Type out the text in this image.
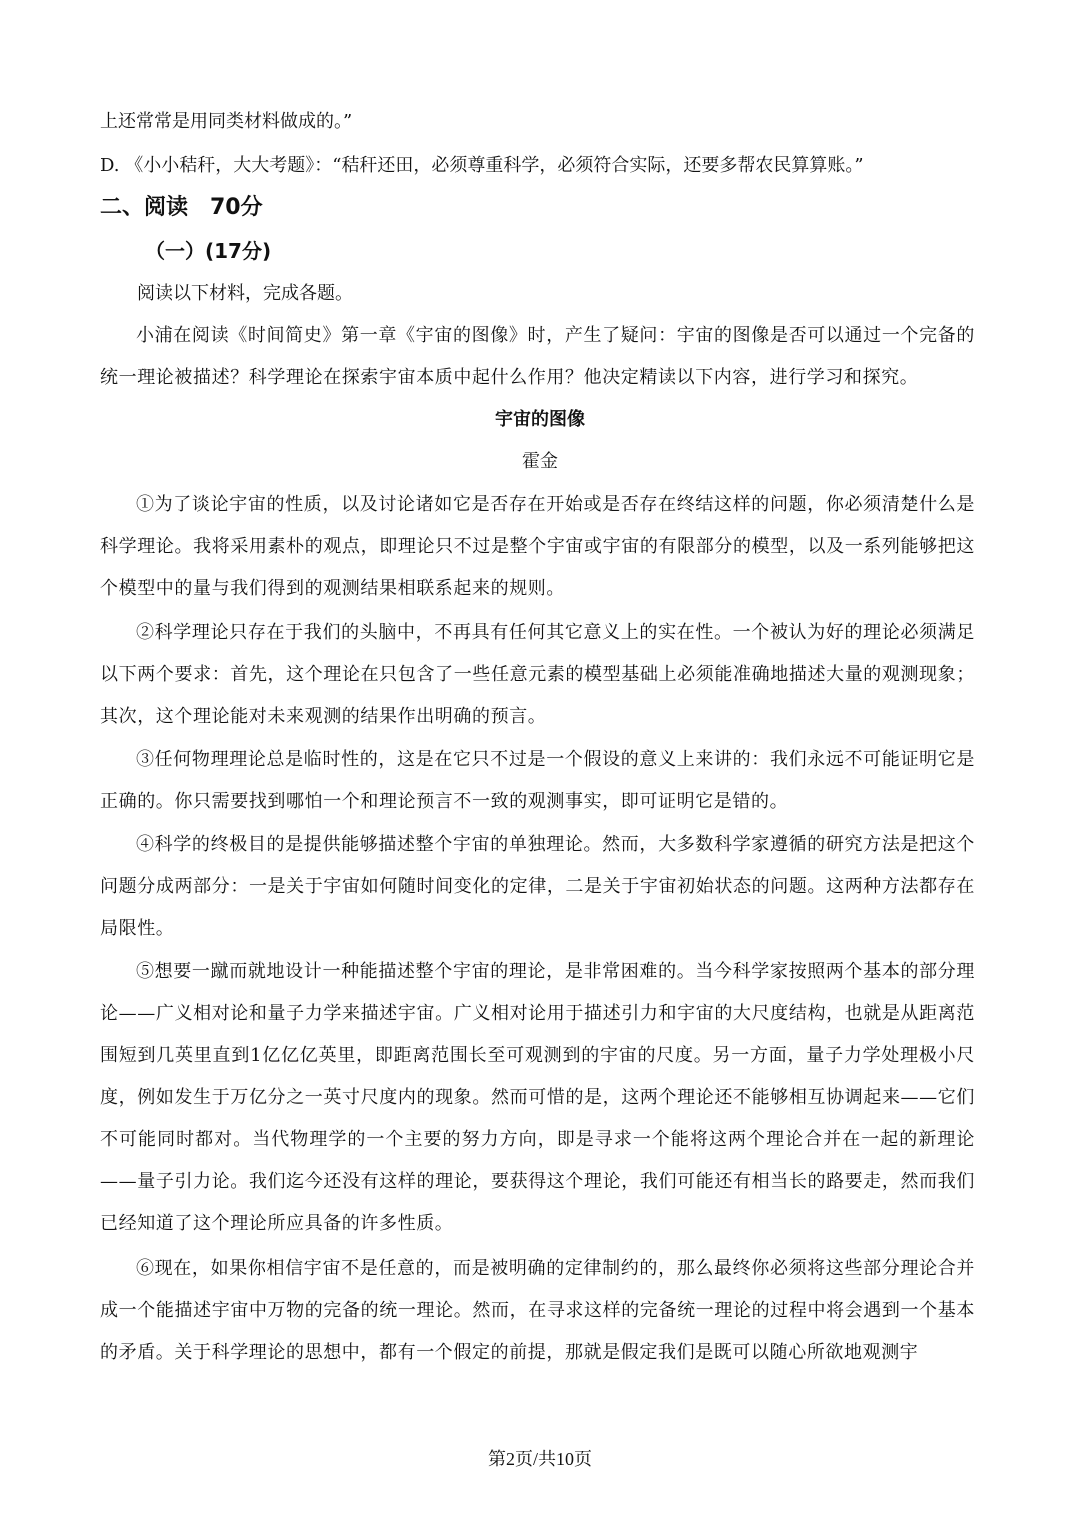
上还常常是用同类材料做成的。”
D. 《小小秸秆，大大考题》：“秸秆还田，必须尊重科学，必须符合实际，还要多帮农民算算账。”
二、阅读　70分
（一）(17分)
阅读以下材料，完成各题。
小浦在阅读《时间简史》第一章《宇宙的图像》时，产生了疑问：宇宙的图像是否可以通过一个完备的统一理论被描述？科学理论在探索宇宙本质中起什么作用？他决定精读以下内容，进行学习和探究。
宇宙的图像
霍金
①为了谈论宇宙的性质，以及讨论诸如它是否存在开始或是否存在终结这样的问题，你必须清楚什么是科学理论。我将采用素朴的观点，即理论只不过是整个宇宙或宇宙的有限部分的模型，以及一系列能够把这个模型中的量与我们得到的观测结果相联系起来的规则。
②科学理论只存在于我们的头脑中，不再具有任何其它意义上的实在性。一个被认为好的理论必须满足以下两个要求：首先，这个理论在只包含了一些任意元素的模型基础上必须能准确地描述大量的观测现象；其次，这个理论能对未来观测的结果作出明确的预言。
③任何物理理论总是临时性的，这是在它只不过是一个假设的意义上来讲的：我们永远不可能证明它是正确的。你只需要找到哪怕一个和理论预言不一致的观测事实，即可证明它是错的。
④科学的终极目的是提供能够描述整个宇宙的单独理论。然而，大多数科学家遵循的研究方法是把这个问题分成两部分：一是关于宇宙如何随时间变化的定律，二是关于宇宙初始状态的问题。这两种方法都存在局限性。
⑤想要一蹴而就地设计一种能描述整个宇宙的理论，是非常困难的。当今科学家按照两个基本的部分理论——广义相对论和量子力学来描述宇宙。广义相对论用于描述引力和宇宙的大尺度结构，也就是从距离范围短到几英里直到1亿亿亿英里，即距离范围长至可观测到的宇宙的尺度。另一方面，量子力学处理极小尺度，例如发生于万亿分之一英寸尺度内的现象。然而可惜的是，这两个理论还不能够相互协调起来——它们不可能同时都对。当代物理学的一个主要的努力方向，即是寻求一个能将这两个理论合并在一起的新理论——量子引力论。我们迄今还没有这样的理论，要获得这个理论，我们可能还有相当长的路要走，然而我们已经知道了这个理论所应具备的许多性质。
⑥现在，如果你相信宇宙不是任意的，而是被明确的定律制约的，那么最终你必须将这些部分理论合并成一个能描述宇宙中万物的完备的统一理论。然而，在寻求这样的完备统一理论的过程中将会遇到一个基本的矛盾。关于科学理论的思想中，都有一个假定的前提，那就是假定我们是既可以随心所欲地观测宇
第2页/共10页
